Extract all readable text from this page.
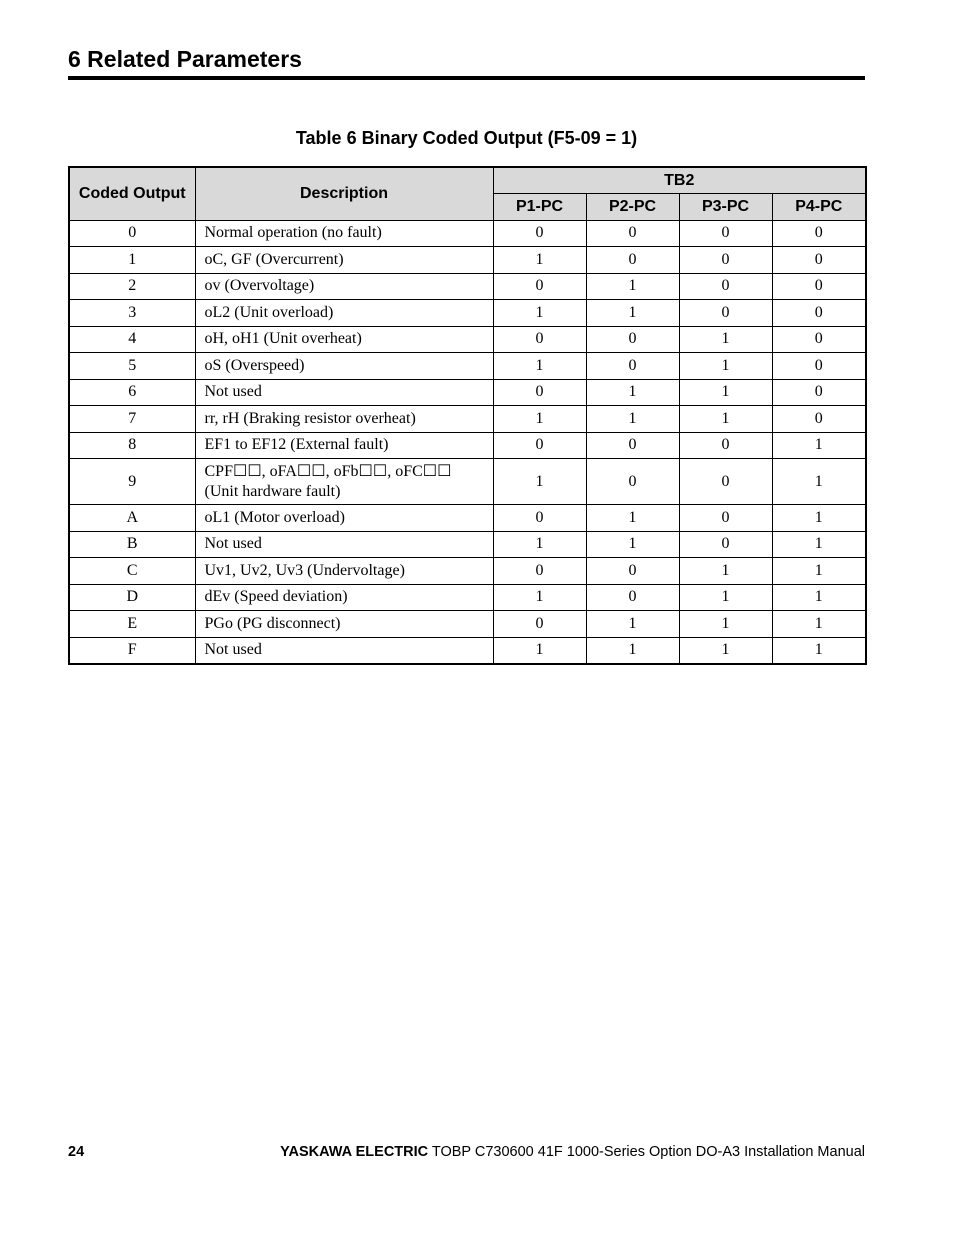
6 Related Parameters
Table 6 Binary Coded Output (F5-09 = 1)
Coded Output	Description	TB2			
		P1-PC	P2-PC	P3-PC	P4-PC
0	Normal operation (no fault)	0	0	0	0
1	oC, GF (Overcurrent)	1	0	0	0
2	ov (Overvoltage)	0	1	0	0
3	oL2 (Unit overload)	1	1	0	0
4	oH, oH1 (Unit overheat)	0	0	1	0
5	oS (Overspeed)	1	0	1	0
6	Not used	0	1	1	0
7	rr, rH (Braking resistor overheat)	1	1	1	0
8	EF1 to EF12 (External fault)	0	0	0	1
9	CPF☐☐, oFA☐☐, oFb☐☐, oFC☐☐
(Unit hardware fault)	1	0	0	1
A	oL1 (Motor overload)	0	1	0	1
B	Not used	1	1	0	1
C	Uv1, Uv2, Uv3 (Undervoltage)	0	0	1	1
D	dEv (Speed deviation)	1	0	1	1
E	PGo (PG disconnect)	0	1	1	1
F	Not used	1	1	1	1
24	YASKAWA ELECTRIC TOBP C730600 41F 1000-Series Option DO-A3 Installation Manual
